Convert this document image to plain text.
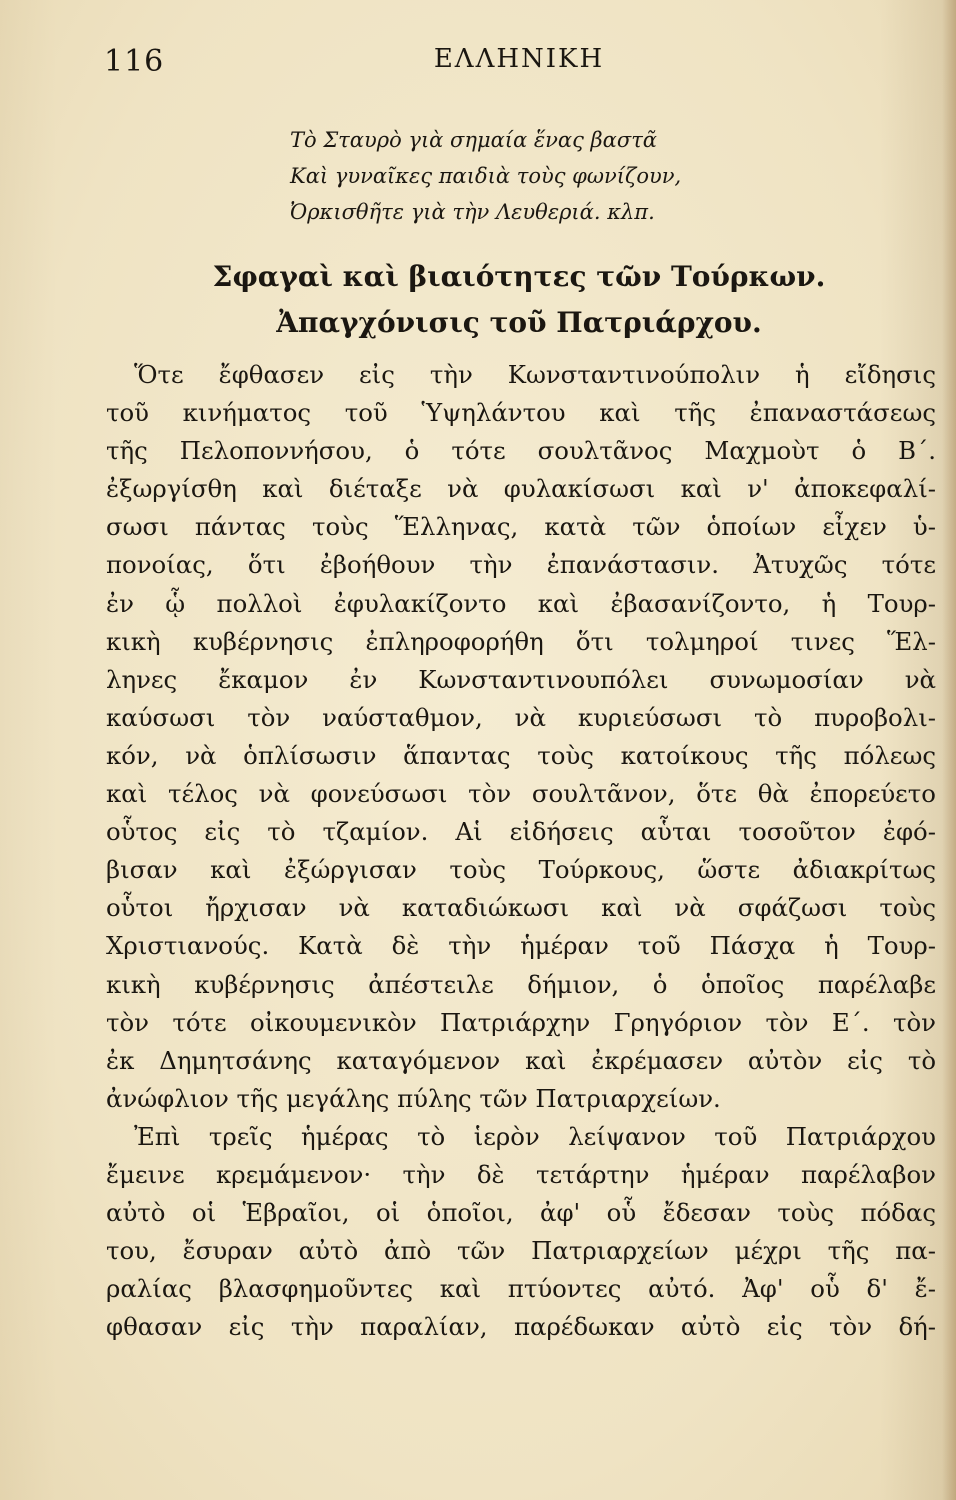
116	ΕΛΛΗΝΙΚΗ
Τὸ Σταυρὸ γιὰ σημαία ἕνας βαστᾶ
Καὶ γυναῖκες παιδιὰ τοὺς φωνίζουν,
Ὀρκισθῆτε γιὰ τὴν Λευθεριά. κλπ.
Σφαγαὶ καὶ βιαιότητες τῶν Τούρκων.
Ἀπαγχόνισις τοῦ Πατριάρχου.
Ὅτε ἔφθασεν εἰς τὴν Κωνσταντινούπολιν ἡ εἴδησις
τοῦ κινήματος τοῦ Ὑψηλάντου καὶ τῆς ἐπαναστάσεως
τῆς Πελοποννήσου, ὁ τότε σουλτᾶνος Μαχμοὺτ ὁ Β΄.
ἐξωργίσθη καὶ διέταξε νὰ φυλακίσωσι καὶ ν' ἀποκεφαλί-
σωσι πάντας τοὺς Ἕλληνας, κατὰ τῶν ὁποίων εἶχεν ὑ-
πονοίας, ὅτι ἐβοήθουν τὴν ἐπανάστασιν. Ἀτυχῶς τότε
ἐν ᾧ πολλοὶ ἐφυλακίζοντο καὶ ἐβασανίζοντο, ἡ Τουρ-
κικὴ κυβέρνησις ἐπληροφορήθη ὅτι τολμηροί τινες Ἕλ-
ληνες ἔκαμον ἐν Κωνσταντινουπόλει συνωμοσίαν νὰ
καύσωσι τὸν ναύσταθμον, νὰ κυριεύσωσι τὸ πυροβολι-
κόν, νὰ ὁπλίσωσιν ἅπαντας τοὺς κατοίκους τῆς πόλεως
καὶ τέλος νὰ φονεύσωσι τὸν σουλτᾶνον, ὅτε θὰ ἐπορεύετο
οὗτος εἰς τὸ τζαμίον. Αἱ εἰδήσεις αὗται τοσοῦτον ἐφό-
βισαν καὶ ἐξώργισαν τοὺς Τούρκους, ὥστε ἀδιακρίτως
οὗτοι ἤρχισαν νὰ καταδιώκωσι καὶ νὰ σφάζωσι τοὺς
Χριστιανούς. Κατὰ δὲ τὴν ἡμέραν τοῦ Πάσχα ἡ Τουρ-
κικὴ κυβέρνησις ἀπέστειλε δήμιον, ὁ ὁποῖος παρέλαβε
τὸν τότε οἰκουμενικὸν Πατριάρχην Γρηγόριον τὸν Ε΄. τὸν
ἐκ Δημητσάνης καταγόμενον καὶ ἐκρέμασεν αὐτὸν εἰς τὸ
ἀνώφλιον τῆς μεγάλης πύλης τῶν Πατριαρχείων.
Ἐπὶ τρεῖς ἡμέρας τὸ ἱερὸν λείψανον τοῦ Πατριάρχου
ἔμεινε κρεμάμενον· τὴν δὲ τετάρτην ἡμέραν παρέλαβον
αὐτὸ οἱ Ἑβραῖοι, οἱ ὁποῖοι, ἀφ' οὗ ἔδεσαν τοὺς πόδας
του, ἔσυραν αὐτὸ ἀπὸ τῶν Πατριαρχείων μέχρι τῆς πα-
ραλίας βλασφημοῦντες καὶ πτύοντες αὐτό. Ἀφ' οὗ δ' ἔ-
φθασαν εἰς τὴν παραλίαν, παρέδωκαν αὐτὸ εἰς τὸν δή-
